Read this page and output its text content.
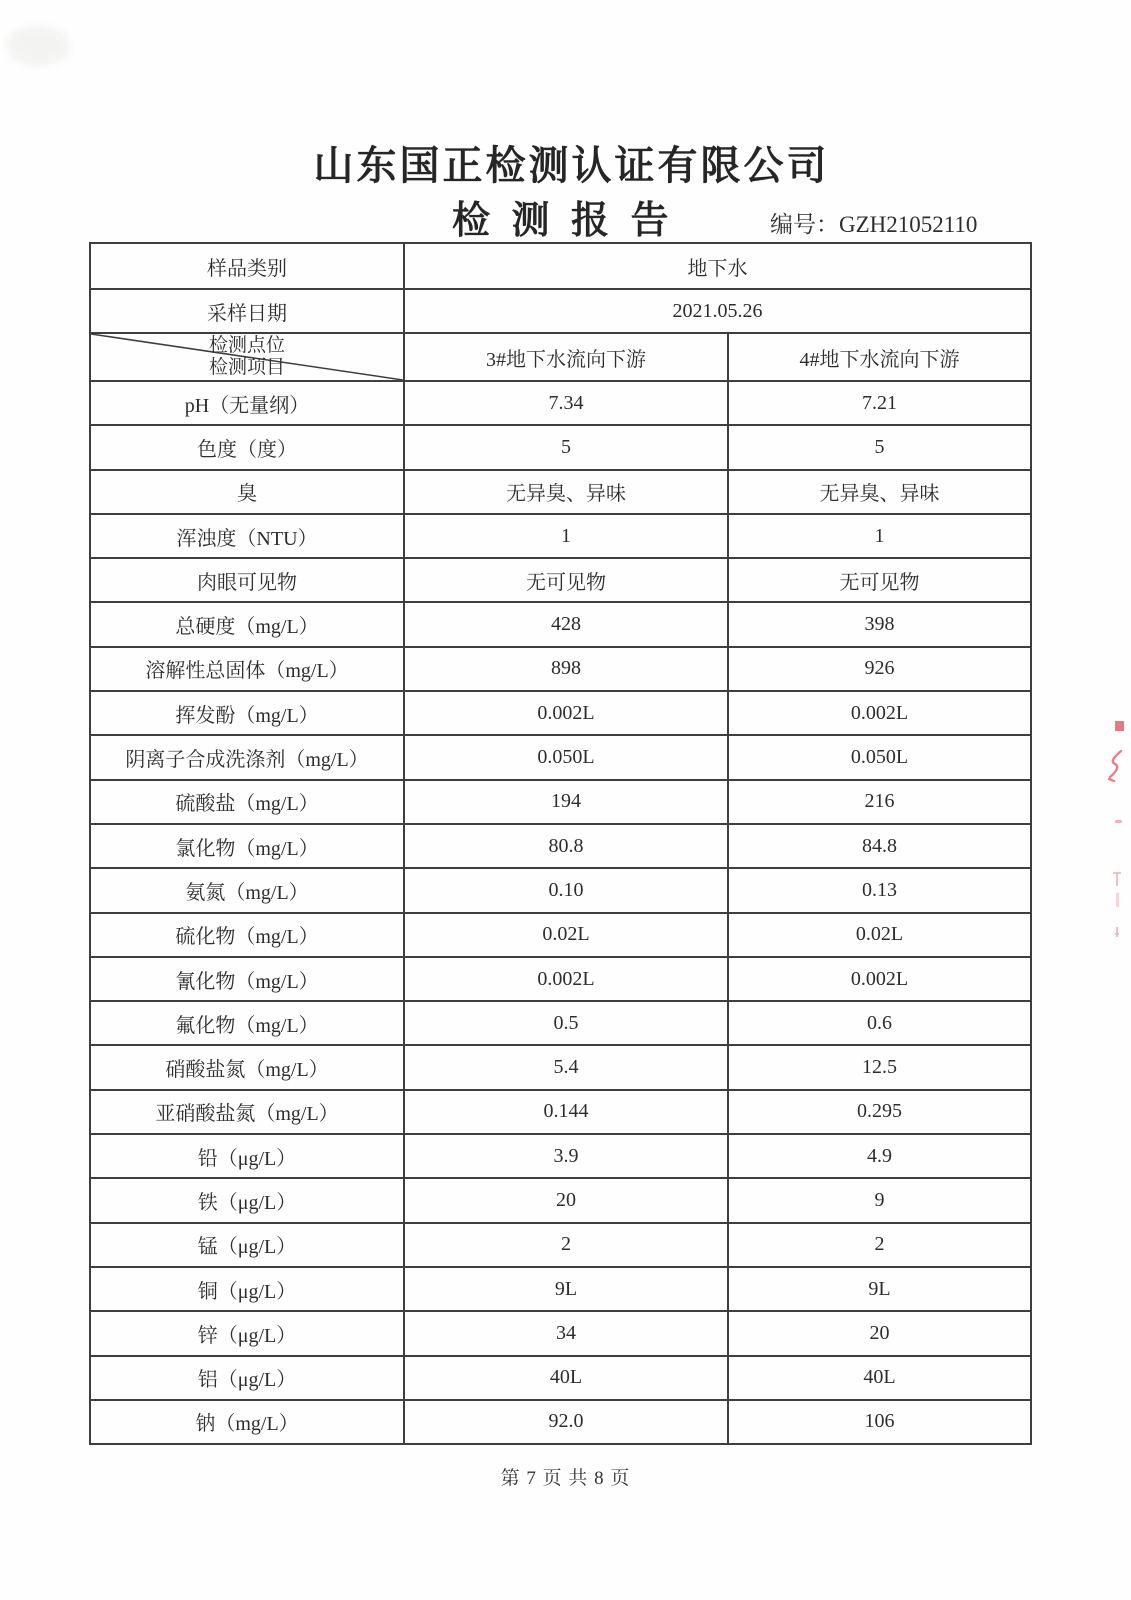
山东国正检测认证有限公司
检 测 报 告	编号：GZH21052110
样品类别	地下水	
采样日期	2021.05.26	

检测点位
检测项目	3#地下水流向下游	4#地下水流向下游
pH（无量纲）	7.34	7.21
色度（度）	5	5
臭	无异臭、异味	无异臭、异味
浑浊度（NTU）	1	1
肉眼可见物	无可见物	无可见物
总硬度（mg/L）	428	398
溶解性总固体（mg/L）	898	926
挥发酚（mg/L）	0.002L	0.002L
阴离子合成洗涤剂（mg/L）	0.050L	0.050L
硫酸盐（mg/L）	194	216
氯化物（mg/L）	80.8	84.8
氨氮（mg/L）	0.10	0.13
硫化物（mg/L）	0.02L	0.02L
氰化物（mg/L）	0.002L	0.002L
氟化物（mg/L）	0.5	0.6
硝酸盐氮（mg/L）	5.4	12.5
亚硝酸盐氮（mg/L）	0.144	0.295
铅（μg/L）	3.9	4.9
铁（μg/L）	20	9
锰（μg/L）	2	2
铜（μg/L）	9L	9L
锌（μg/L）	34	20
铝（μg/L）	40L	40L
钠（mg/L）	92.0	106
第 7 页 共 8 页
